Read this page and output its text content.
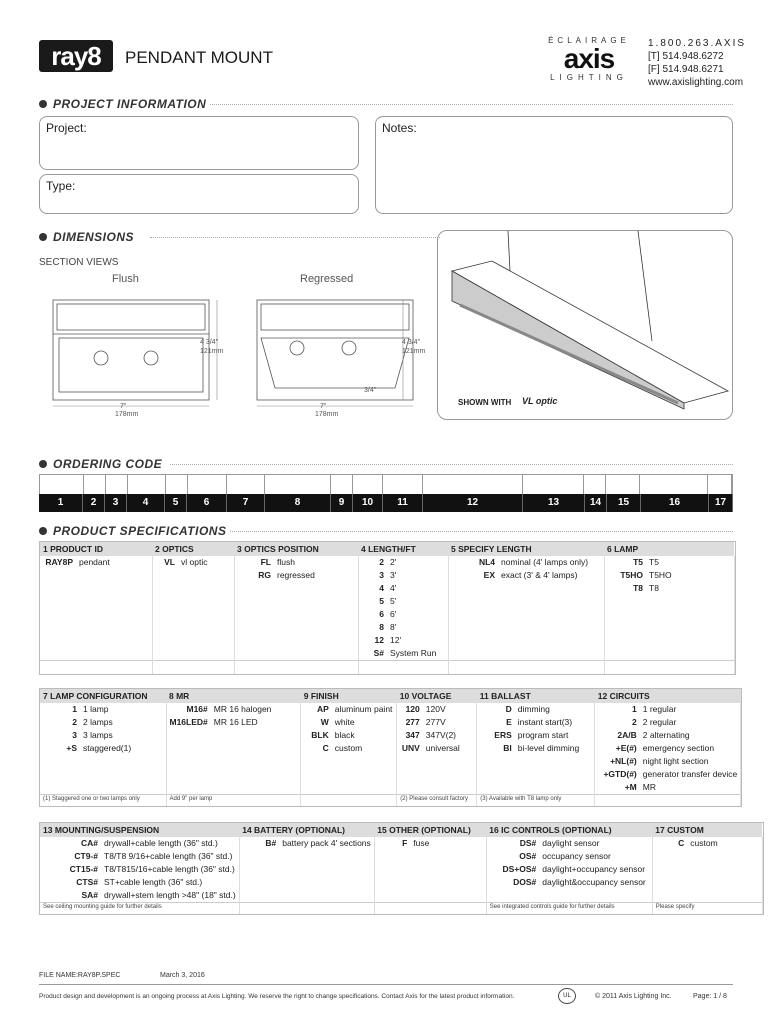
ray8	PENDANT MOUNT
ÉCLAIRAGE
axis
LIGHTING
1.800.263.AXIS
[T] 514.948.6272
[F] 514.948.6271
www.axislighting.com
PROJECT INFORMATION
Project:
Type:
Notes:
DIMENSIONS
SECTION VIEWS
Flush	Regressed
4 3/4"
121mm
4 3/4"
121mm
7"
178mm
7"
178mm
3/4"
SHOWN WITH VL optic
ORDERING CODE
1	2	3	4	5	6	7	8	9	10	11	12	13	14	15	16	17
PRODUCT SPECIFICATIONS
1 PRODUCT ID		2 OPTICS		3 OPTICS POSITION		4 LENGTH/FT		5 SPECIFY LENGTH		6 LAMP	
RAY8P	pendant	VL	vl optic	FL	flush	2	2'	NL4	nominal (4' lamps only)	T5	T5
				RG	regressed	3	3'	EX	exact (3' & 4' lamps)	T5HO	T5HO
						4	4'			T8	T8
						5	5'				
						6	6'				
						8	8'				
						12	12'				
						S#	System Run				

7 LAMP CONFIGURATION		8 MR		9 FINISH		10 VOLTAGE		11 BALLAST		12 CIRCUITS	
1	1 lamp	M16#	MR 16 halogen	AP	aluminum paint	120	120V	D	dimming	1	1 regular
2	2 lamps	M16LED#	MR 16 LED	W	white	277	277V	E	instant start(3)	2	2 regular
3	3 lamps			BLK	black	347	347V(2)	ERS	program start	2A/B	2 alternating
+S	staggered(1)			C	custom	UNV	universal	BI	bi-level dimming	+E(#)	emergency section
										+NL(#)	night light section
										+GTD(#)	generator transfer device
										+M	MR
(1) Staggered one or two lamps only		Add 9" per lamp				(2) Please consult factory		(3) Available with T8 lamp only			
13 MOUNTING/SUSPENSION		14 BATTERY (OPTIONAL)		15 OTHER (OPTIONAL)		16 IC CONTROLS (OPTIONAL)		17 CUSTOM	
CA#	drywall+cable length (36" std.)	B#	battery pack 4' sections	F	fuse	DS#	daylight sensor	C	custom
CT9-#	T8/T8 9/16+cable length (36" std.)					OS#	occupancy sensor		
CT15-#	T8/T815/16+cable length (36" std.)					DS+OS#	daylight+occupancy sensor		
CTS#	ST+cable length (36" std.)					DOS#	daylight&occupancy sensor		
SA#	drywall+stem length >48" (18" std.)								
See ceiling mounting guide for further details						See integrated controls guide for further details		Please specify	
FILE NAME:RAY8P.SPEC	March 3, 2016
Product design and development is an ongoing process at Axis Lighting. We reserve the right to change specifications. Contact Axis for the latest product information.	UL	© 2011 Axis Lighting Inc.	Page: 1 / 8
